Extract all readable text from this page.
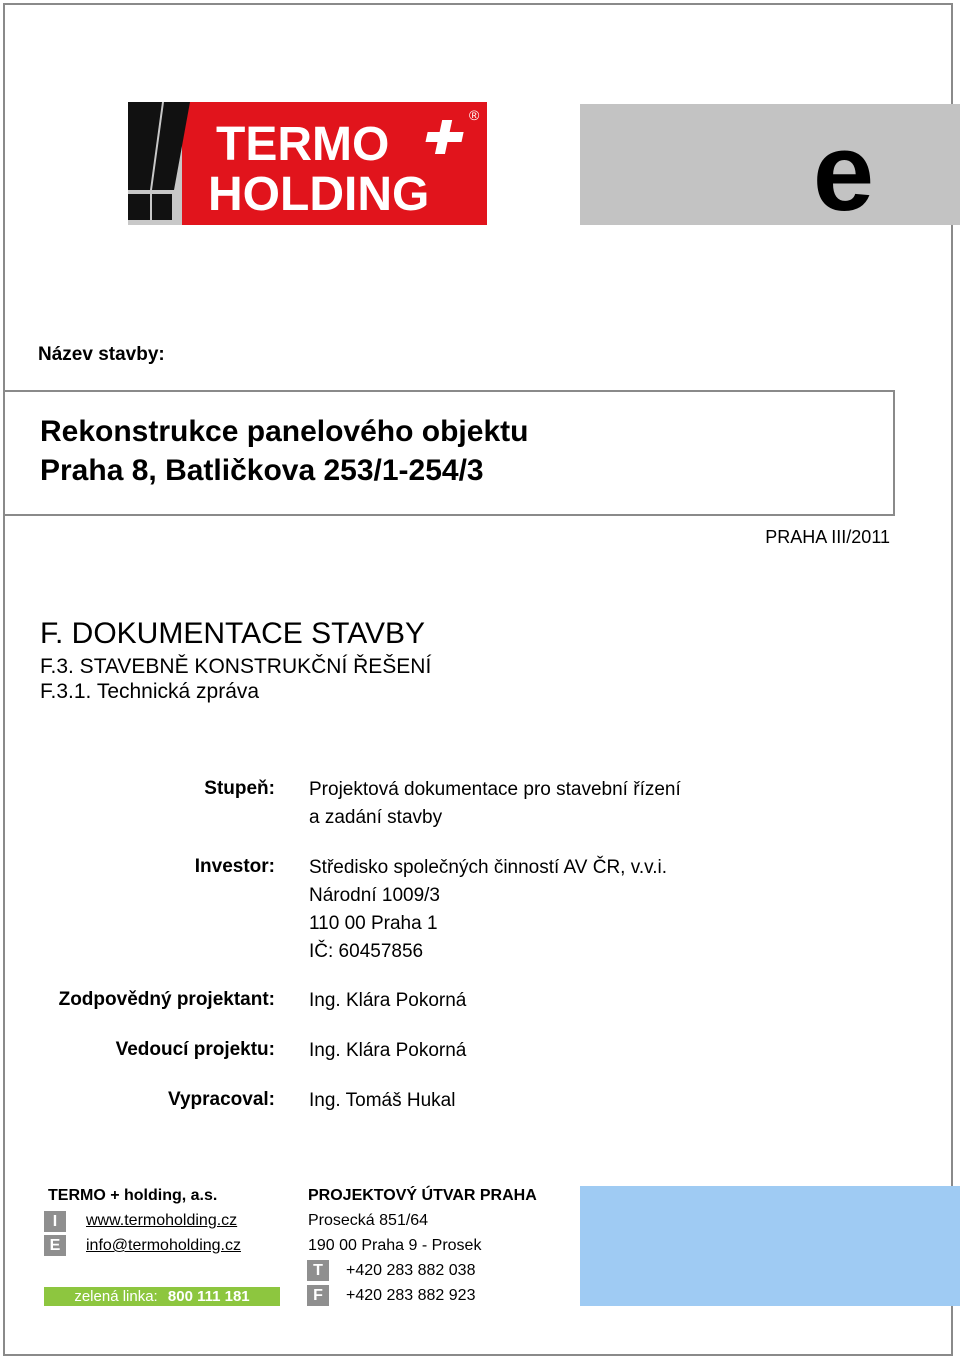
TERMO
HOLDING
®	e
Název stavby:
Rekonstrukce panelového objektu
Praha 8, Batličkova 253/1-254/3
PRAHA III/2011
F. DOKUMENTACE STAVBY
F.3. STAVEBNĚ KONSTRUKČNÍ ŘEŠENÍ
F.3.1. Technická zpráva
Stupeň: Projektová dokumentace pro stavební řízení
a zadání stavby
Investor: Středisko společných činností AV ČR, v.v.i.
Národní 1009/3
110 00 Praha 1
IČ: 60457856
Zodpovědný projektant: Ing. Klára Pokorná
Vedoucí projektu: Ing. Klára Pokorná
Vypracoval: Ing. Tomáš Hukal
TERMO + holding, a.s.
I	www.termoholding.cz
E	info@termoholding.cz
zelená linka: 800 111 181
PROJEKTOVÝ ÚTVAR PRAHA
Prosecká 851/64
190 00 Praha 9 - Prosek
T	+420 283 882 038
F	+420 283 882 923
